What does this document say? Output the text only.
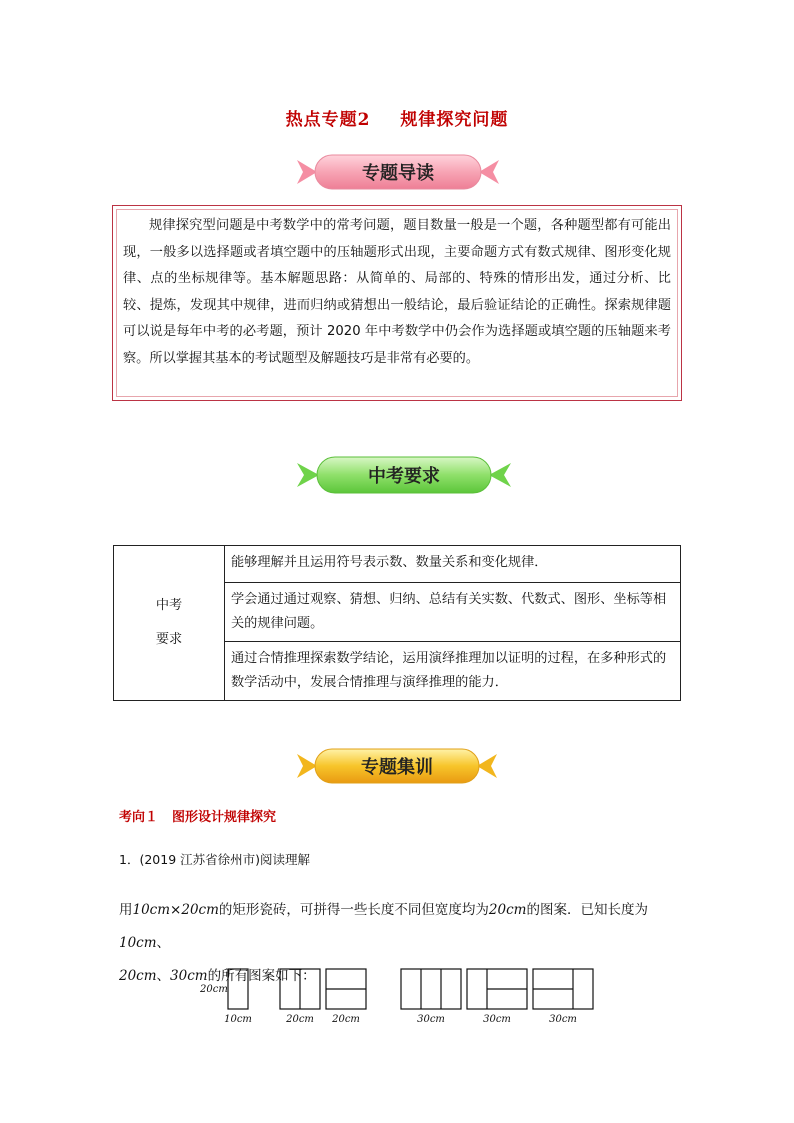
热点专题2 规律探究问题
专题导读

规律探究型问题是中考数学中的常考问题，题目数量一般是一个题，各种题型都有可能出现，一般多以选择题或者填空题中的压轴题形式出现，主要命题方式有数式规律、图形变化规律、点的坐标规律等。基本解题思路：从简单的、局部的、特殊的情形出发，通过分析、比较、提炼，发现其中规律，进而归纳或猜想出一般结论，最后验证结论的正确性。探索规律题可以说是每年中考的必考题，预计 2020 年中考数学中仍会作为选择题或填空题的压轴题来考察。所以掌握其基本的考试题型及解题技巧是非常有必要的。

中考要求
中考
要求
	能够理解并且运用符号表示数、数量关系和变化规律．
学会通过通过观察、猜想、归纳、总结有关实数、代数式、图形、坐标等相关的规律问题。
通过合情推理探索数学结论，运用演绎推理加以证明的过程，在多种形式的数学活动中，发展合情推理与演绎推理的能力．
专题集训
考向１ 图形设计规律探究
1．(2019 江苏省徐州市)阅读理解
用10cm×20cm的矩形瓷砖，可拼得一些长度不同但宽度均为20cm的图案．已知长度为10cm、
20cm、30cm的所有图案如下：
20cm
10cm	20cm 20cm	30cm	30cm	30cm
